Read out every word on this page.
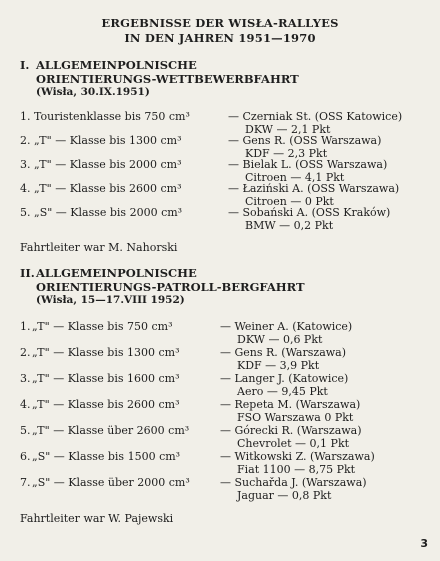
ERGEBNISSE DER WISŁA-RALLYES
IN DEN JAHREN 1951—1970
I. ALLGEMEINPOLNISCHE
ORIENTIERUNGS-WETTBEWERBFAHRT
(Wisła, 30.IX.1951)
1. Touristenklasse bis 750 cm³	— Czerniak St. (OSS Katowice)
DKW — 2,1 Pkt
2. „T" — Klasse bis 1300 cm³	— Gens R. (OSS Warszawa)
KDF — 2,3 Pkt
3. „T" — Klasse bis 2000 cm³	— Bielak L. (OSS Warszawa)
Citroen — 4,1 Pkt
4. „T" — Klasse bis 2600 cm³	— Łaziński A. (OSS Warszawa)
Citroen — 0 Pkt
5. „S" — Klasse bis 2000 cm³	— Sobański A. (OSS Kraków)
BMW — 0,2 Pkt
Fahrtleiter war M. Nahorski
II.ALLGEMEINPOLNISCHE
ORIENTIERUNGS-PATROLL-BERGFAHRT
(Wisła, 15—17.VIII 1952)
1. „T" — Klasse bis 750 cm³	— Weiner A. (Katowice)
DKW — 0,6 Pkt
2. „T" — Klasse bis 1300 cm³	— Gens R. (Warszawa)
KDF — 3,9 Pkt
3. „T" — Klasse bis 1600 cm³	— Langer J. (Katowice)
Aero — 9,45 Pkt
4. „T" — Klasse bis 2600 cm³	— Repeta M. (Warszawa)
FSO Warszawa 0 Pkt
5. „T" — Klasse über 2600 cm³	— Górecki R. (Warszawa)
Chevrolet — 0,1 Pkt
6. „S" — Klasse bis 1500 cm³	— Witkowski Z. (Warszawa)
Fiat 1100 — 8,75 Pkt
7. „S" — Klasse über 2000 cm³	— Suchařda J. (Warszawa)
Jaguar — 0,8 Pkt
Fahrtleiter war W. Pajewski
3
